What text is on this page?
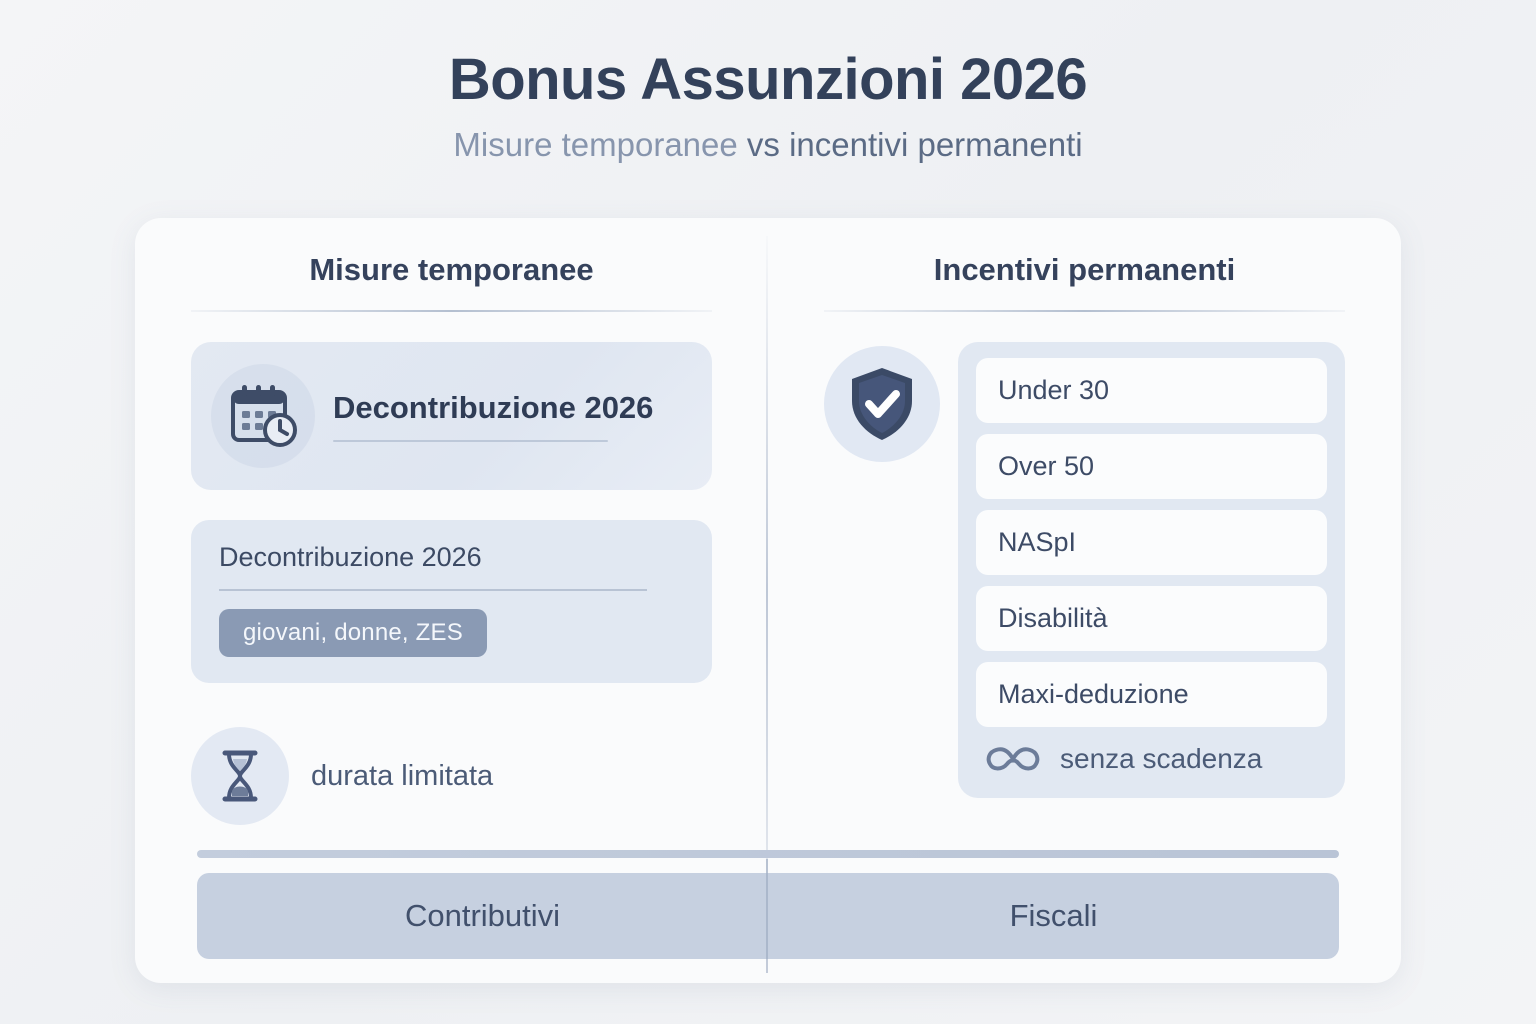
Bonus Assunzioni 2026
Misure temporanee vs incentivi permanenti
Misure temporanee
Decontribuzione 2026
Decontribuzione 2026
giovani, donne, ZES
durata limitata
Incentivi permanenti
Under 30
Over 50
NASpI
Disabilità
Maxi-deduzione
senza scadenza
Contributivi	Fiscali
